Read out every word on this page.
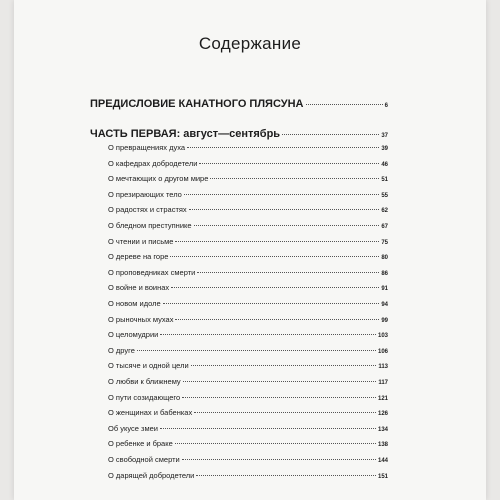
Содержание
ПРЕДИСЛОВИЕ КАНАТНОГО ПЛЯСУНА	6
ЧАСТЬ ПЕРВАЯ: август—сентябрь	37
О превращениях духа	39
О кафедрах добродетели	46
О мечтающих о другом мире	51
О презирающих тело	55
О радостях и страстях	62
О бледном преступнике	67
О чтении и письме	75
О дереве на горе	80
О проповедниках смерти	86
О войне и воинах	91
О новом идоле	94
О рыночных мухах	99
О целомудрии	103
О друге	106
О тысяче и одной цели	113
О любви к ближнему	117
О пути созидающего	121
О женщинах и бабенках	126
Об укусе змеи	134
О ребенке и браке	138
О свободной смерти	144
О дарящей добродетели	151
